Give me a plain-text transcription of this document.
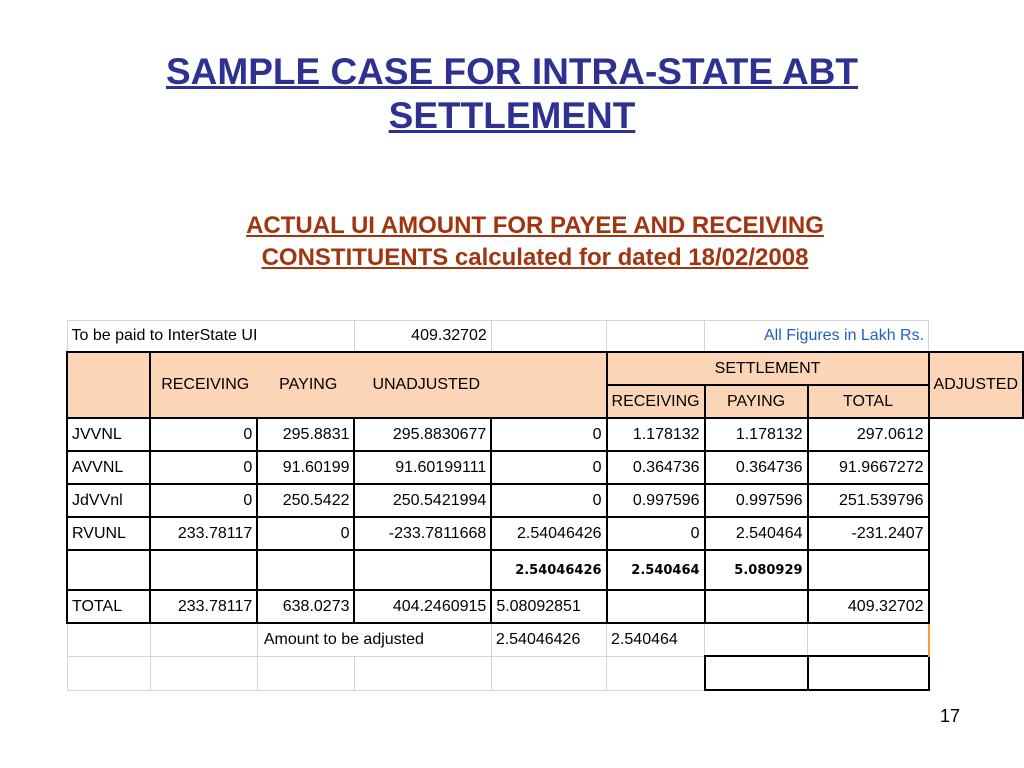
SAMPLE CASE FOR INTRA-STATE ABT
SETTLEMENT
ACTUAL UI AMOUNT FOR PAYEE AND RECEIVING
CONSTITUENTS calculated for dated 18/02/2008
To be paid to InterState UI			409.32702			All Figures in Lakh Rs.		

	RECEIVING PAYING UNADJUSTED				SETTLEMENT			ADJUSTED
					RECEIVING	PAYING	TOTAL	
JVVNL	0	295.8831	295.8830677	0	1.178132	1.178132	297.0612	
AVVNL	0	91.60199	91.60199111	0	0.364736	0.364736	91.9667272	
JdVVnl	0	250.5422	250.5421994	0	0.997596	0.997596	251.539796	
RVUNL	233.78117	0	-233.7811668	2.54046426	0	2.540464	-231.2407	
				2.54046426	2.540464	5.080929		
TOTAL	233.78117	638.0273	404.2460915	5.08092851			409.32702	
		Amount to be adjusted		2.54046426	2.540464			

17
